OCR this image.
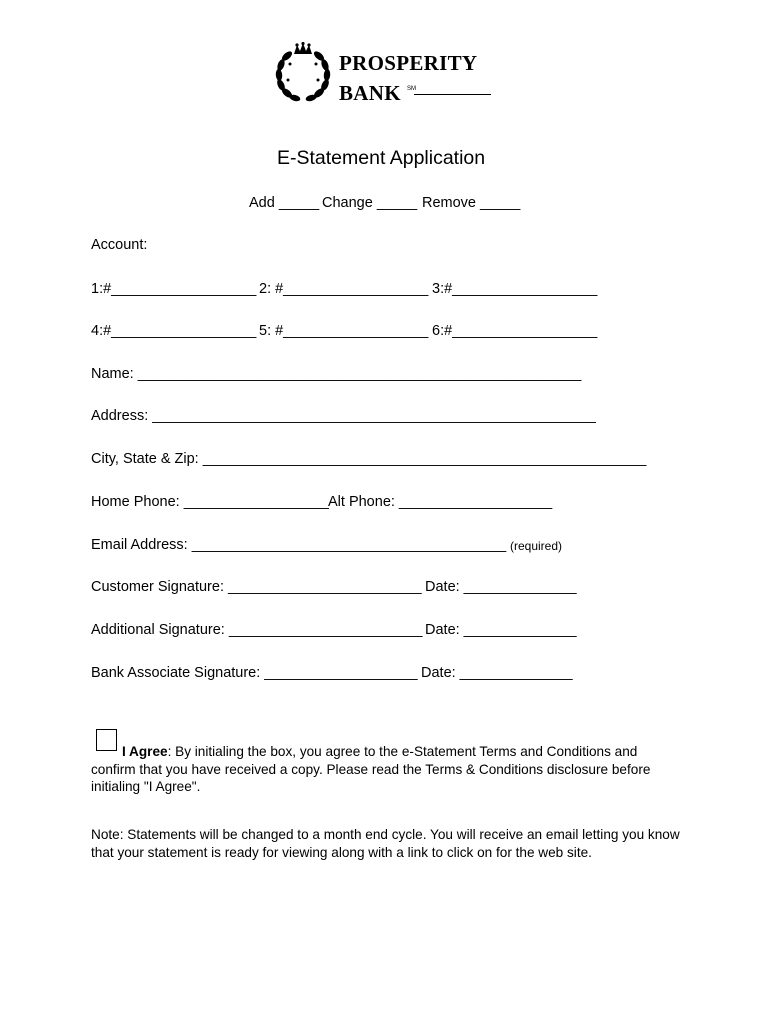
PROSPERITY
BANK SM
E-Statement Application
Add _____ Change _____ Remove _____
Account:
1:#__________________ 2: #__________________ 3:#__________________
4:#__________________ 5: #__________________ 6:#__________________
Name: _______________________________________________________
Address: _______________________________________________________
City, State & Zip: _______________________________________________________
Home Phone: __________________ Alt Phone: ___________________
Email Address: _______________________________________ (required)
Customer Signature: ________________________ Date: ______________
Additional Signature: ________________________ Date: ______________
Bank Associate Signature: ___________________ Date: ______________
I Agree: By initialing the box, you agree to the e-Statement Terms and Conditions and confirm that you have received a copy. Please read the Terms & Conditions disclosure before initialing "I Agree".
Note: Statements will be changed to a month end cycle. You will receive an email letting you know that your statement is ready for viewing along with a link to click on for the web site.
